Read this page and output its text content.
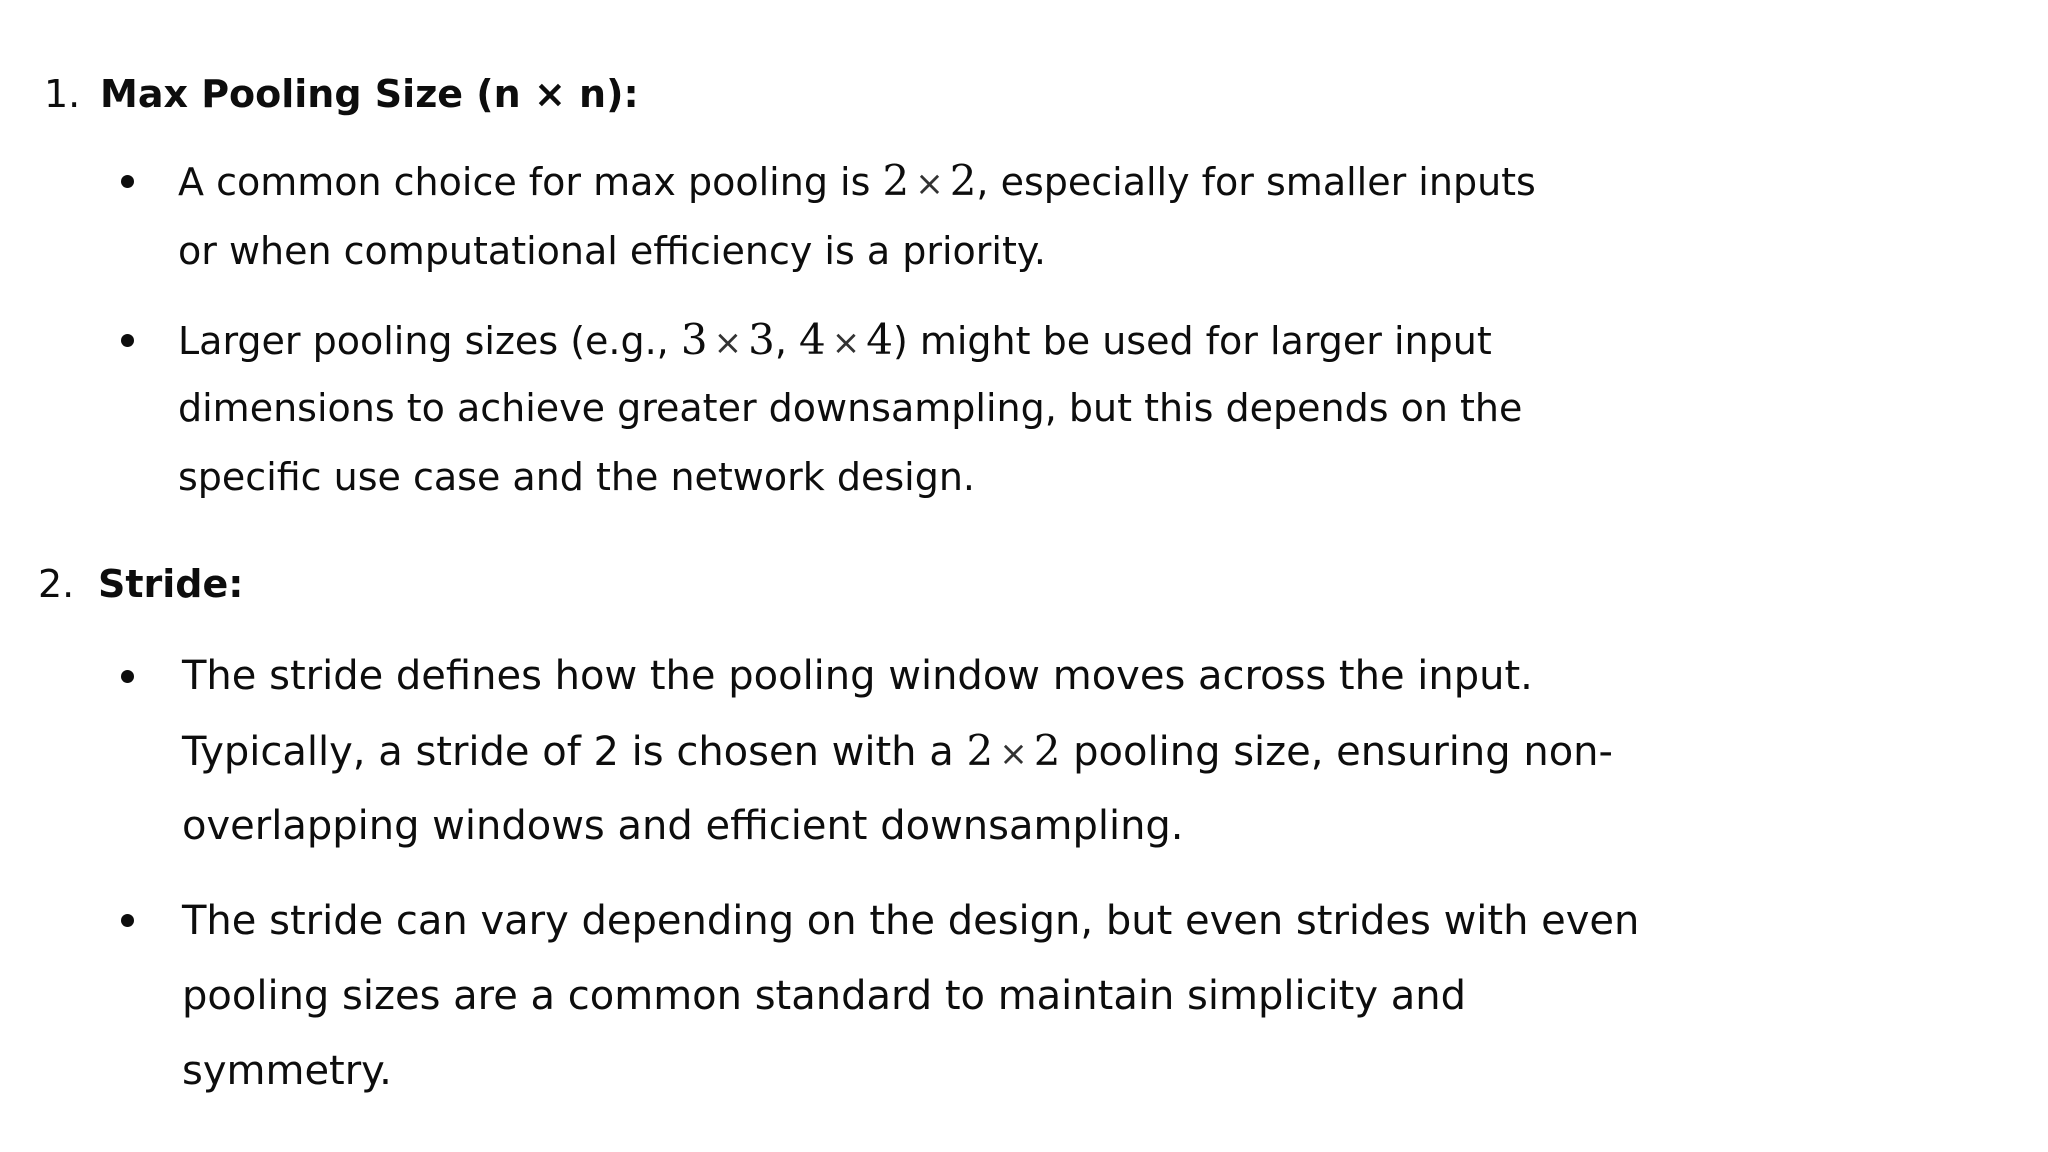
1. Max Pooling Size (n × n):
A common choice for max pooling is 2 × 2, especially for smaller inputs
or when computational efficiency is a priority.
Larger pooling sizes (e.g., 3 × 3, 4 × 4) might be used for larger input
dimensions to achieve greater downsampling, but this depends on the
specific use case and the network design.
2. Stride:
The stride defines how the pooling window moves across the input.
Typically, a stride of 2 is chosen with a 2 × 2 pooling size, ensuring non-
overlapping windows and efficient downsampling.
The stride can vary depending on the design, but even strides with even
pooling sizes are a common standard to maintain simplicity and
symmetry.
